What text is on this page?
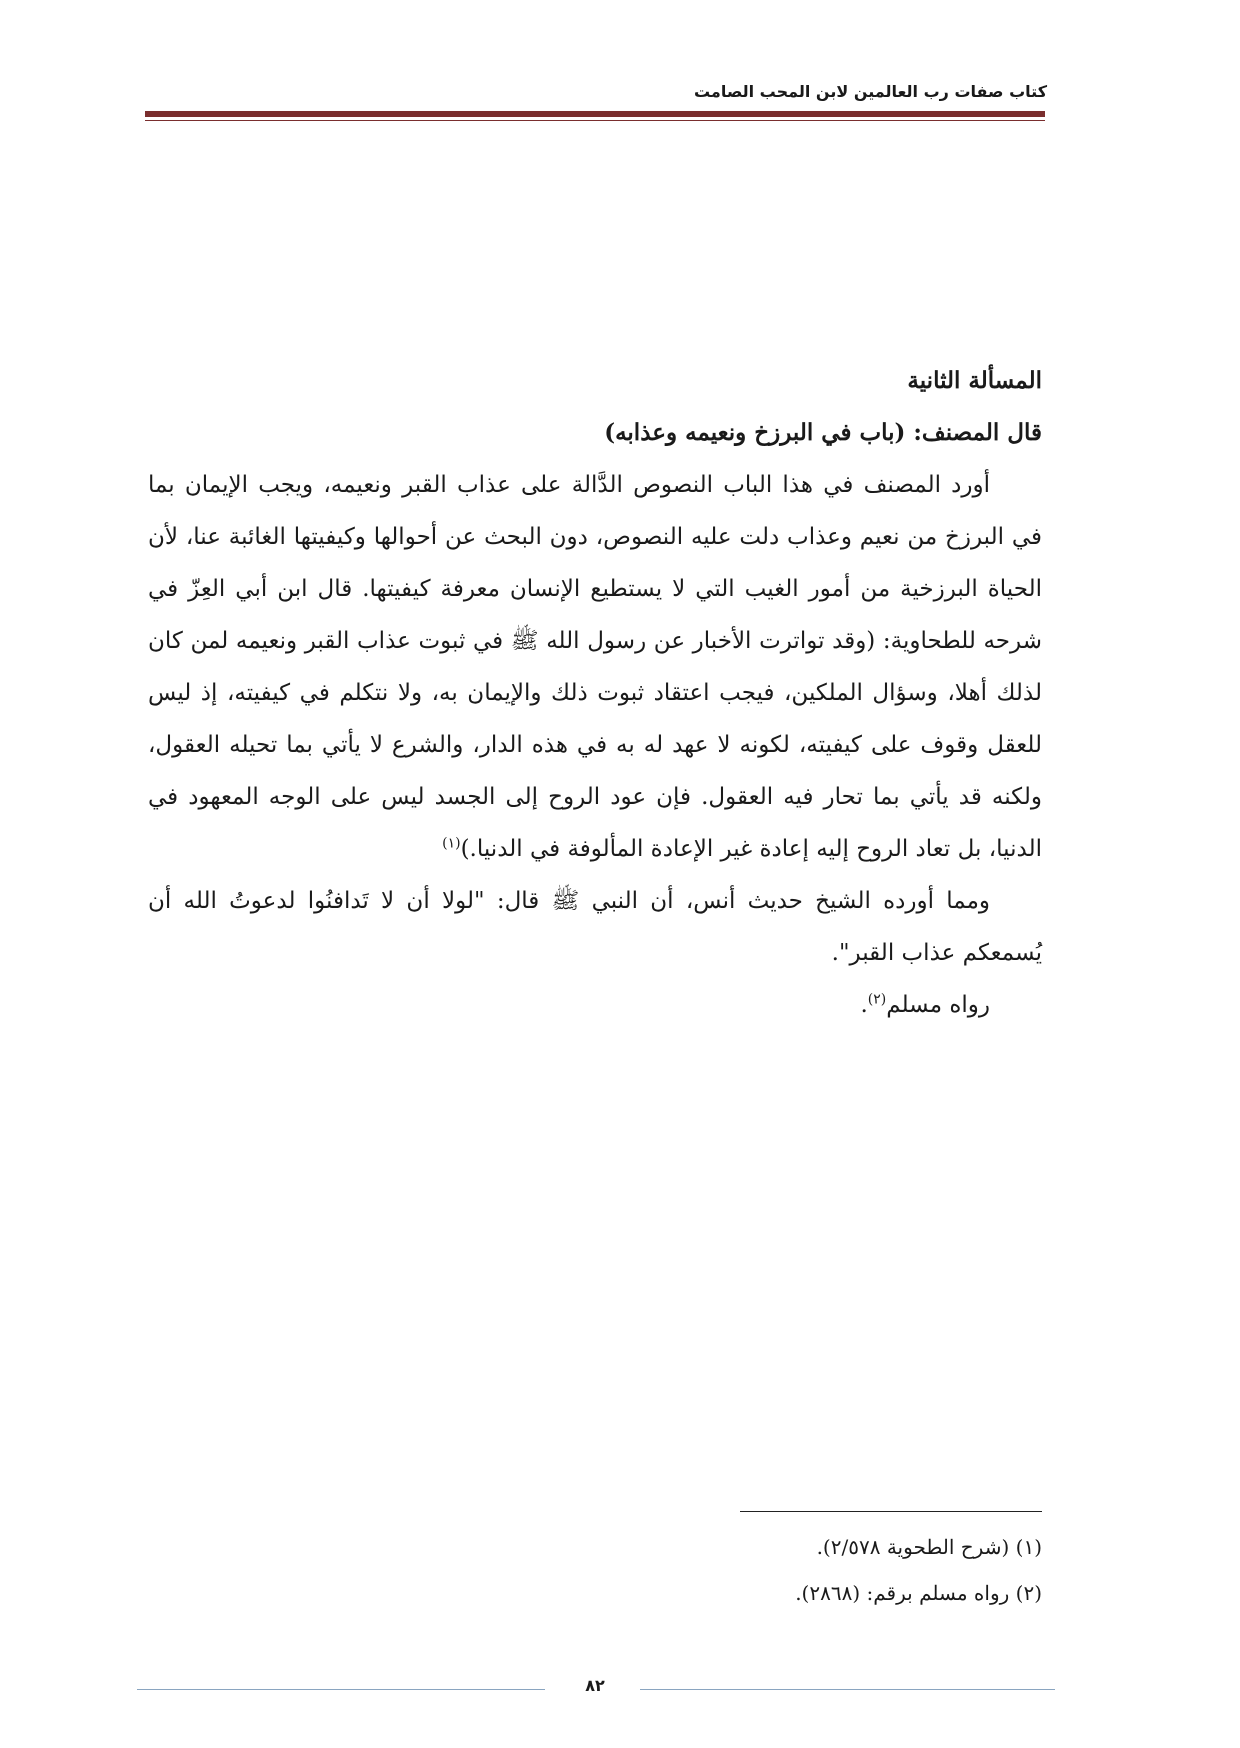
كتاب صفات رب العالمين لابن المحب الصامت
المسألة الثانية
قال المصنف: (باب في البرزخ ونعيمه وعذابه)

أورد المصنف في هذا الباب النصوص الدَّالة على عذاب القبر ونعيمه، ويجب الإيمان بما في البرزخ من نعيم وعذاب دلت عليه النصوص، دون البحث عن أحوالها وكيفيتها الغائبة عنا، لأن الحياة البرزخية من أمور الغيب التي لا يستطيع الإنسان معرفة كيفيتها. قال ابن أبي العِزّ في شرحه للطحاوية: (وقد تواترت الأخبار عن رسول الله ﷺ في ثبوت عذاب القبر ونعيمه لمن كان لذلك أهلا، وسؤال الملكين، فيجب اعتقاد ثبوت ذلك والإيمان به، ولا نتكلم في كيفيته، إذ ليس للعقل وقوف على كيفيته، لكونه لا عهد له به في هذه الدار، والشرع لا يأتي بما تحيله العقول، ولكنه قد يأتي بما تحار فيه العقول. فإن عود الروح إلى الجسد ليس على الوجه المعهود في الدنيا، بل تعاد الروح إليه إعادة غير الإعادة المألوفة في الدنيا.)$^{(١)}$

ومما أورده الشيخ حديث أنس، أن النبي ﷺ قال: "لولا أن لا تَدافنُوا لدعوتُ الله أن يُسمعكم عذاب القبر".

رواه مسلم$^{(٢)}$.

(١) (شرح الطحوية ٢/٥٧٨).
(٢) رواه مسلم برقم: (٢٨٦٨).
٨٢
